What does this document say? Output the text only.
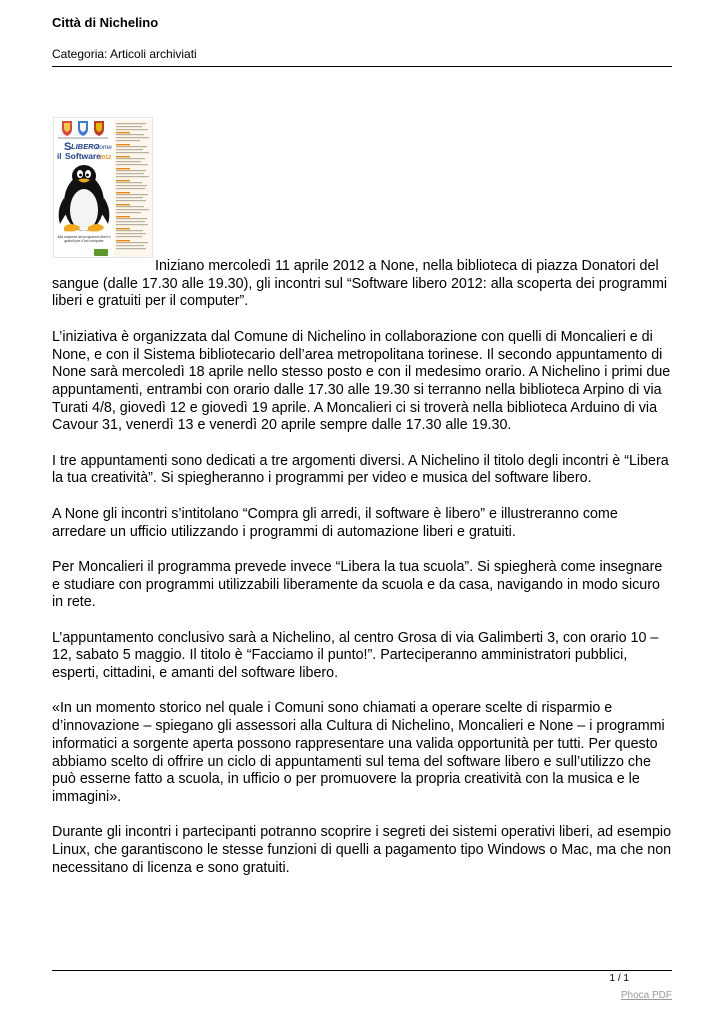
Città di Nichelino
Categoria: Articoli archiviati
S LIBERO
come
il Software
2012
Alla scoperta dei programmi liberi e gratuiti per il tuo computer

Iniziano mercoledì 11 aprile 2012 a None, nella biblioteca di piazza Donatori del sangue (dalle 17.30 alle 19.30), gli incontri sul “Software libero 2012: alla scoperta dei programmi liberi e gratuiti per il computer”.

L’iniziativa è organizzata dal Comune di Nichelino in collaborazione con quelli di Moncalieri e di None, e con il Sistema bibliotecario dell’area metropolitana torinese. Il secondo appuntamento di None sarà mercoledì 18 aprile nello stesso posto e con il medesimo orario. A Nichelino i primi due appuntamenti, entrambi con orario dalle 17.30 alle 19.30 si terranno nella biblioteca Arpino di via Turati 4/8, giovedì 12 e giovedì 19 aprile. A Moncalieri ci si troverà nella biblioteca Arduino di via Cavour 31, venerdì 13 e venerdì 20 aprile sempre dalle 17.30 alle 19.30.

I tre appuntamenti sono dedicati a tre argomenti diversi. A Nichelino il titolo degli incontri è “Libera la tua creatività”. Si spiegheranno i programmi per video e musica del software libero.

A None gli incontri s’intitolano “Compra gli arredi, il software è libero” e illustreranno come arredare un ufficio utilizzando i programmi di automazione liberi e gratuiti.

Per Moncalieri il programma prevede invece “Libera la tua scuola”. Si spiegherà come insegnare e studiare con programmi utilizzabili liberamente da scuola e da casa, navigando in modo sicuro in rete.

L’appuntamento conclusivo sarà a Nichelino, al centro Grosa di via Galimberti 3, con orario 10 – 12, sabato 5 maggio. Il titolo è “Facciamo il punto!”. Parteciperanno amministratori pubblici, esperti, cittadini, e amanti del software libero.

«In un momento storico nel quale i Comuni sono chiamati a operare scelte di risparmio e d’innovazione – spiegano gli assessori alla Cultura di Nichelino, Moncalieri e None – i programmi informatici a sorgente aperta possono rappresentare una valida opportunità per tutti. Per questo abbiamo scelto di offrire un ciclo di appuntamenti sul tema del software libero e sull’utilizzo che può esserne fatto a scuola, in ufficio o per promuovere la propria creatività con la musica e le immagini».

Durante gli incontri i partecipanti potranno scoprire i segreti dei sistemi operativi liberi, ad esempio Linux, che garantiscono le stesse funzioni di quelli a pagamento tipo Windows o Mac, ma che non necessitano di licenza e sono gratuiti.

1 / 1
Phoca PDF
